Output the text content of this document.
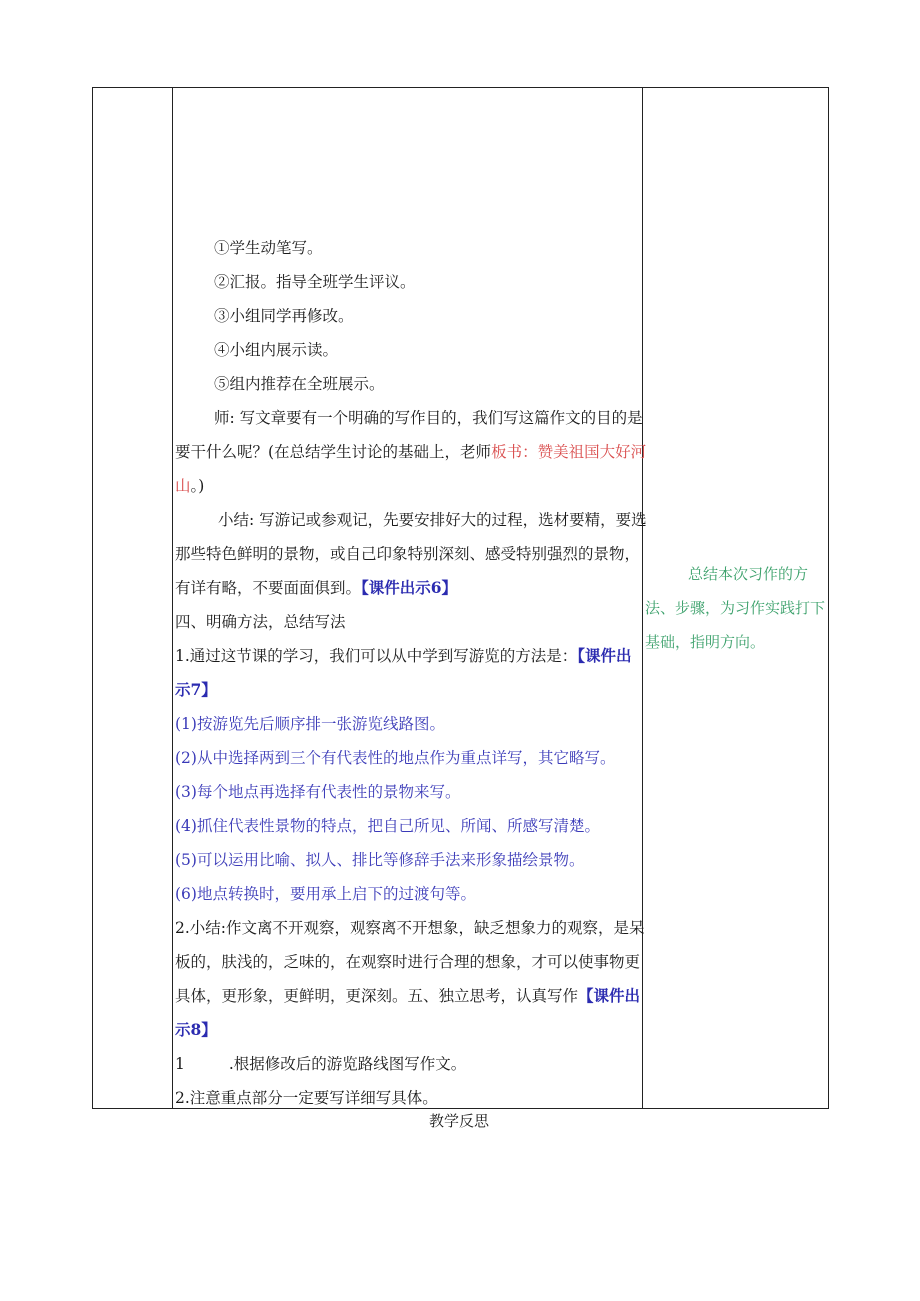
①学生动笔写。
②汇报。指导全班学生评议。
③小组同学再修改。
④小组内展示读。
⑤组内推荐在全班展示。
师: 写文章要有一个明确的写作目的，我们写这篇作文的目的是
要干什么呢？(在总结学生讨论的基础上，老师板书：赞美祖国大好河
山。)
小结: 写游记或参观记，先要安排好大的过程，选材要精，要选
那些特色鲜明的景物，或自己印象特别深刻、感受特别强烈的景物，
有详有略，不要面面俱到。【课件出示6】
四、明确方法，总结写法
1.通过这节课的学习，我们可以从中学到写游览的方法是：【课件出
示7】
(1)按游览先后顺序排一张游览线路图。
(2)从中选择两到三个有代表性的地点作为重点详写，其它略写。
(3)每个地点再选择有代表性的景物来写。
(4)抓住代表性景物的特点，把自己所见、所闻、所感写清楚。
(5)可以运用比喻、拟人、排比等修辞手法来形象描绘景物。
(6)地点转换时，要用承上启下的过渡句等。
2.小结:作文离不开观察，观察离不开想象，缺乏想象力的观察，是呆
板的，肤浅的，乏味的，在观察时进行合理的想象，才可以使事物更
具体，更形象，更鲜明，更深刻。五、独立思考，认真写作【课件出
示8】
1	.根据修改后的游览路线图写作文。
2.注意重点部分一定要写详细写具体。
总结本次习作的方
法、步骤，为习作实践打下
基础，指明方向。
教学反思
